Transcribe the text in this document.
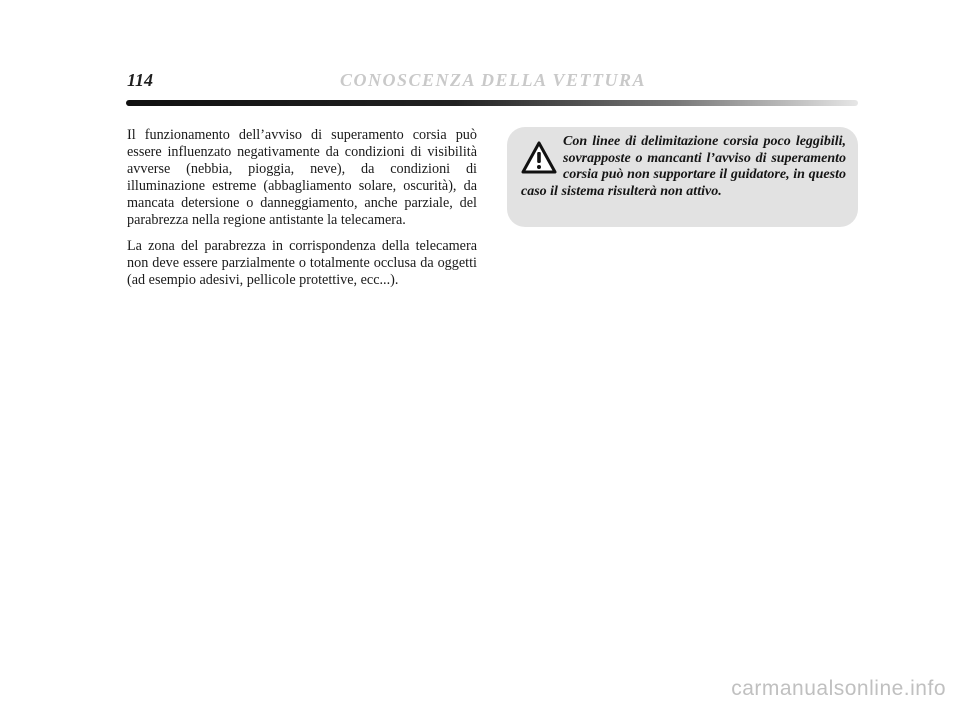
114	CONOSCENZA DELLA VETTURA

Il funzionamento dell’avviso di superamento corsia può essere influenzato negativamente da condizioni di visibilità avverse (nebbia, pioggia, neve), da condizioni di illuminazione estreme (abbagliamento solare, oscurità), da mancata detersione o danneggiamento, anche parziale, del parabrezza nella regione antistante la telecamera.

La zona del parabrezza in corrispondenza della telecamera non deve essere parzialmente o totalmente occlusa da oggetti (ad esempio adesivi, pellicole protettive, ecc...).

Con linee di delimitazione corsia poco leggibili, sovrapposte o mancanti l’avviso di superamento corsia può non supportare il guidatore, in questo caso il sistema risulterà non attivo.

carmanualsonline.info
